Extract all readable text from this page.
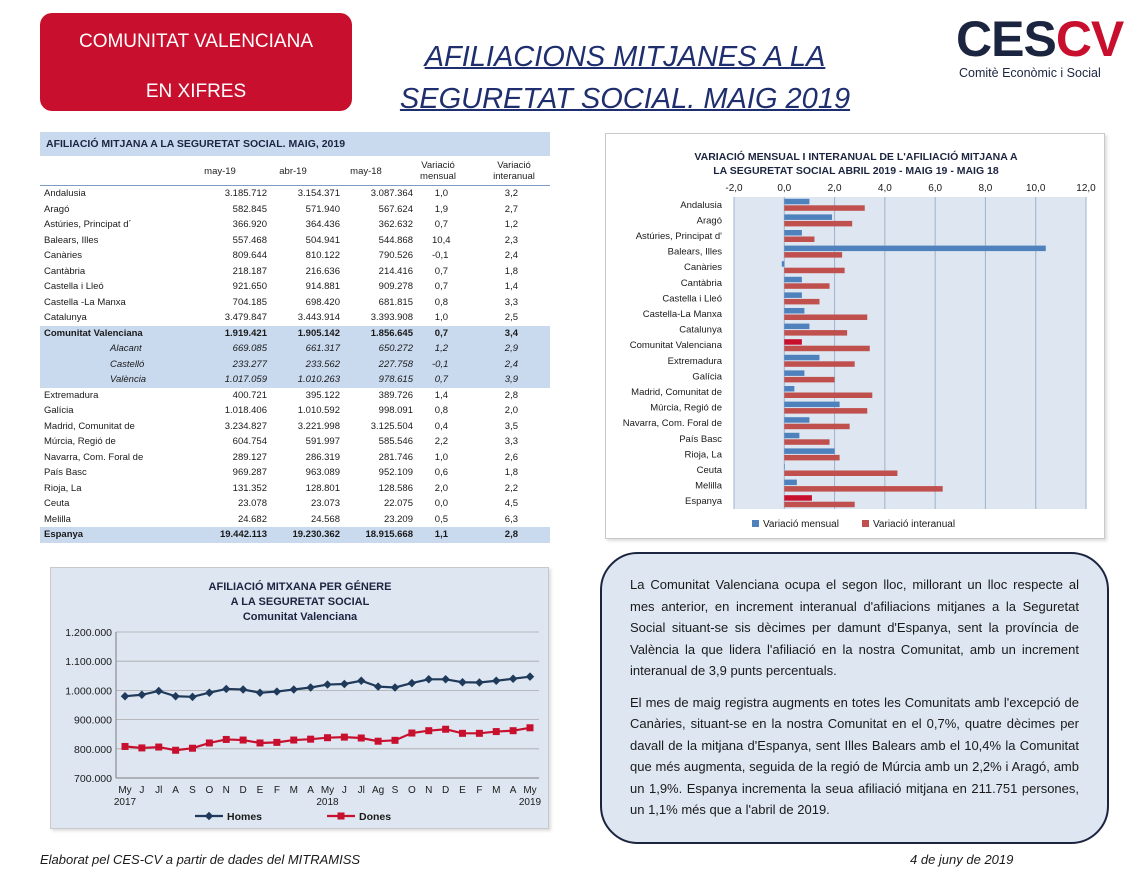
COMUNITAT VALENCIANA
EN XIFRES
AFILIACIONS MITJANES A LA
SEGURETAT SOCIAL. MAIG 2019
CESCV
Comitè Econòmic i Social
AFILIACIÓ MITJANA A LA SEGURETAT SOCIAL. MAIG, 2019
may-19	abr-19	may-18
Variació
mensual
Variació
interanual
Andalusia	3.185.712	3.154.371	3.087.364 1,0	3,2
Aragó	582.845	571.940	567.624 1,9	2,7
Astúries, Principat d´	366.920	364.436	362.632 0,7	1,2
Balears, Illes	557.468	504.941	544.868 10,4	2,3
Canàries	809.644	810.122	790.526 -0,1	2,4
Cantàbria	218.187	216.636	214.416 0,7	1,8
Castella i Lleó	921.650	914.881	909.278 0,7	1,4
Castella -La Manxa	704.185	698.420	681.815 0,8	3,3
Catalunya	3.479.847	3.443.914	3.393.908 1,0	2,5
Comunitat Valenciana	1.919.421	1.905.142	1.856.645 0,7	3,4
Alacant	669.085	661.317	650.272 1,2	2,9
Castelló	233.277	233.562	227.758 -0,1	2,4
València	1.017.059	1.010.263	978.615 0,7	3,9
Extremadura	400.721	395.122	389.726 1,4	2,8
Galícia	1.018.406	1.010.592	998.091 0,8	2,0
Madrid, Comunitat de	3.234.827	3.221.998	3.125.504 0,4	3,5
Múrcia, Regió de	604.754	591.997	585.546 2,2	3,3
Navarra, Com. Foral de	289.127	286.319	281.746 1,0	2,6
País Basc	969.287	963.089	952.109 0,6	1,8
Rioja, La	131.352	128.801	128.586 2,0	2,2
Ceuta	23.078	23.073	22.075 0,0	4,5
Melilla	24.682	24.568	23.209 0,5	6,3
Espanya	19.442.113	19.230.362	18.915.668 1,1	2,8
VARIACIÓ MENSUAL I INTERANUAL DE L'AFILIACIÓ MITJANA A
LA SEGURETAT SOCIAL ABRIL 2019 - MAIG 19 - MAIG 18
-2,0	0,0	2,0	4,0	6,0	8,0	10,0	12,0
Andalusia
Aragó
Astúries, Principat d'
Balears, Illes
Canàries
Cantàbria
Castella i Lleó
Castella-La Manxa
Catalunya
Comunitat Valenciana
Extremadura
Galícia
Madrid, Comunitat de
Múrcia, Regió de
Navarra, Com. Foral de
País Basc
Rioja, La
Ceuta
Melilla
Espanya
Variació mensual	Variació interanual
AFILIACIÓ MITXANA PER GÉNERE
A LA SEGURETAT SOCIAL
Comunitat Valenciana
700.000
800.000
900.000
1.000.000
1.100.000
1.200.000
My J Jl A S O N D E F M A My J Jl Ag S O N D E F M A My
2017	2018	2019
Homes	Dones

La Comunitat Valenciana ocupa el segon lloc, millorant un lloc respecte al mes anterior, en increment interanual d'afiliacions mitjanes a la Seguretat Social situant-se sis dècimes per damunt d'Espanya, sent la província de València la que lidera l'afiliació en la nostra Comunitat, amb un increment interanual de 3,9 punts percentuals.

El mes de maig registra augments en totes les Comunitats amb l'excepció de Canàries, situant-se en la nostra Comunitat en el 0,7%, quatre dècimes per davall de la mitjana d'Espanya, sent Illes Balears amb el 10,4% la Comunitat que més augmenta, seguida de la regió de Múrcia amb un 2,2% i Aragó, amb un 1,9%. Espanya incrementa la seua afiliació mitjana en 211.751 persones, un 1,1% més que a l'abril de 2019.

Elaborat pel CES-CV a partir de dades del MITRAMISS	4 de juny de 2019
